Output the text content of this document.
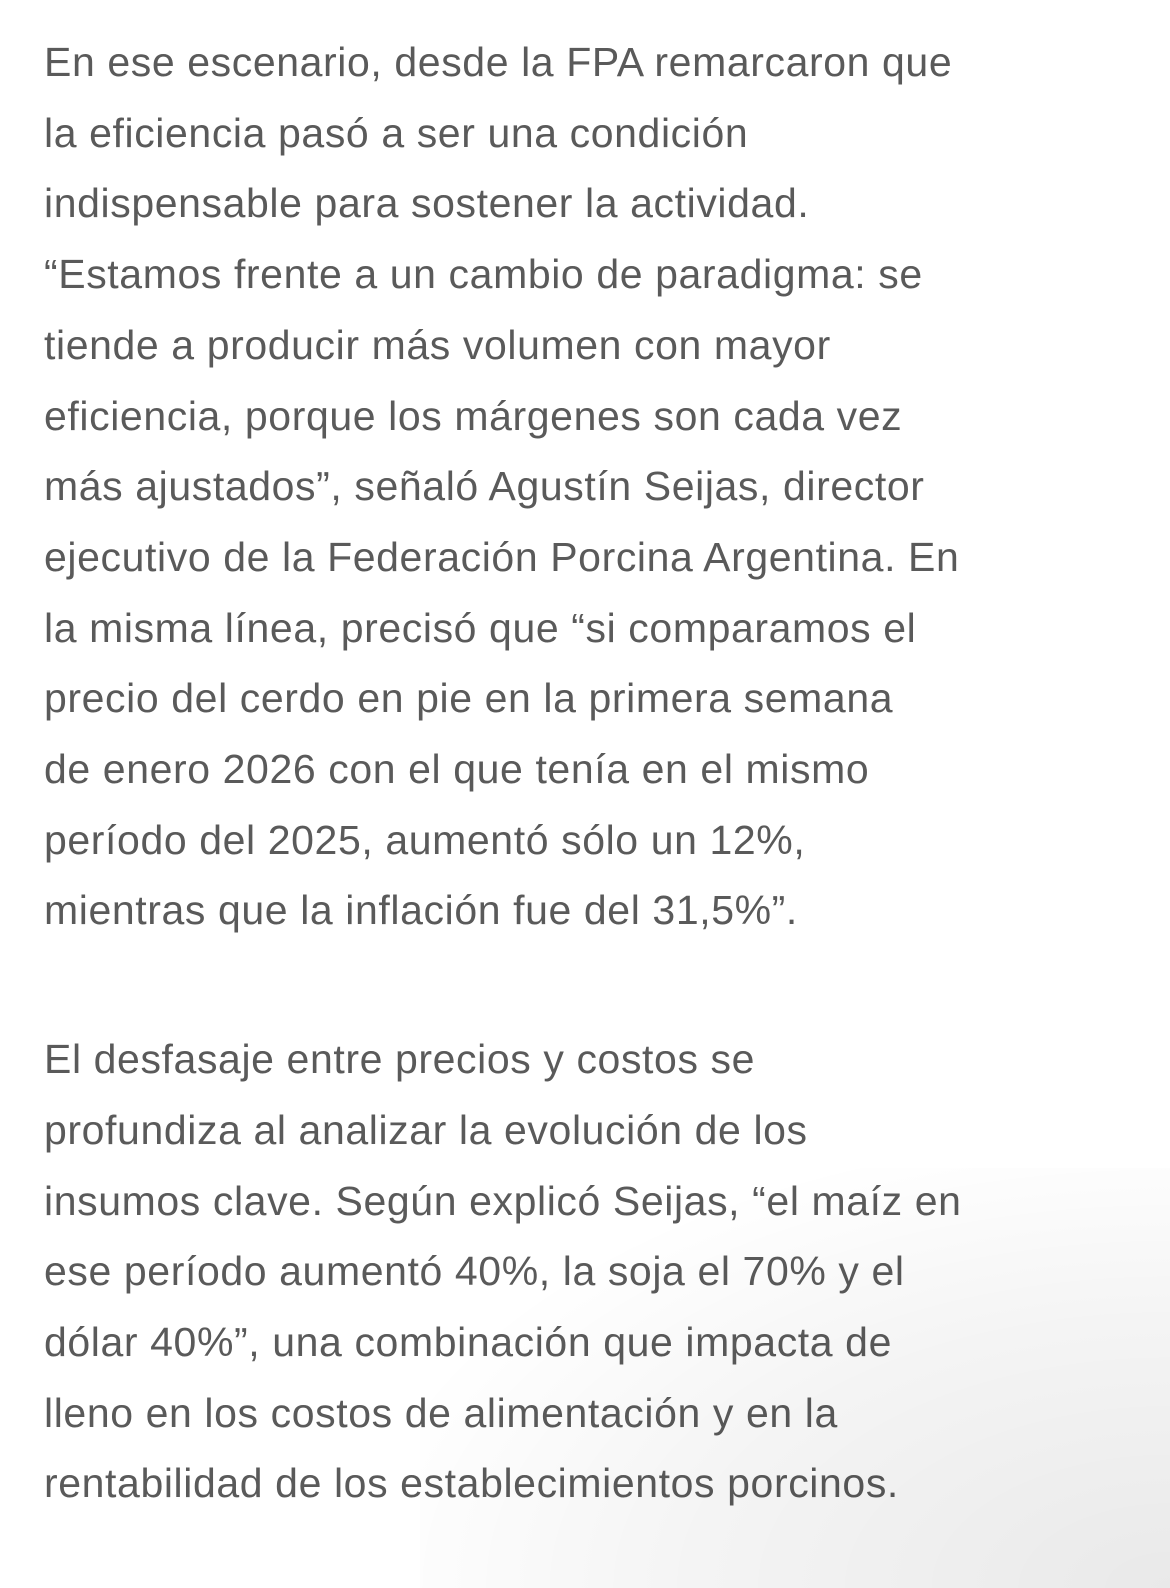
En ese escenario, desde la FPA remarcaron que
la eficiencia pasó a ser una condición
indispensable para sostener la actividad.
“Estamos frente a un cambio de paradigma: se
tiende a producir más volumen con mayor
eficiencia, porque los márgenes son cada vez
más ajustados”, señaló Agustín Seijas, director
ejecutivo de la Federación Porcina Argentina. En
la misma línea, precisó que “si comparamos el
precio del cerdo en pie en la primera semana
de enero 2026 con el que tenía en el mismo
período del 2025, aumentó sólo un 12%,
mientras que la inflación fue del 31,5%”.

El desfasaje entre precios y costos se
profundiza al analizar la evolución de los
insumos clave. Según explicó Seijas, “el maíz en
ese período aumentó 40%, la soja el 70% y el
dólar 40%”, una combinación que impacta de
lleno en los costos de alimentación y en la
rentabilidad de los establecimientos porcinos.
